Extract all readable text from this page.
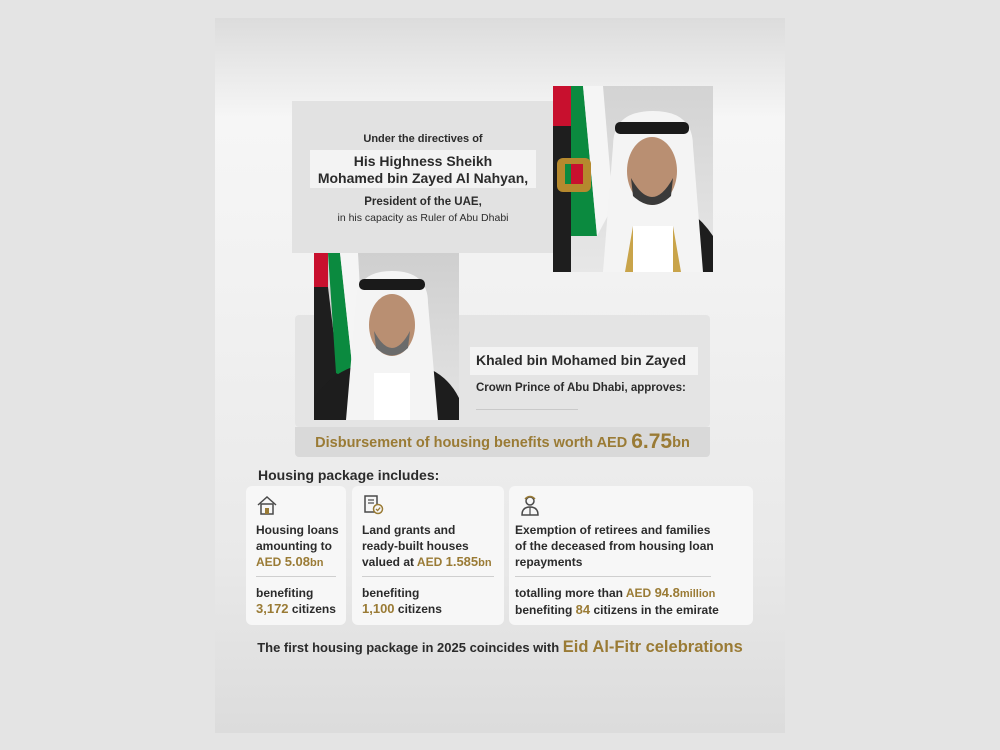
Under the directives of
His Highness Sheikh
Mohamed bin Zayed Al Nahyan,
President of the UAE,
in his capacity as Ruler of Abu Dhabi
Khaled bin Mohamed bin Zayed
Crown Prince of Abu Dhabi, approves:
Disbursement of housing benefits worth AED 6.75bn
Housing package includes:
Housing loans
amounting to
AED 5.08bn
benefiting
3,172 citizens
Land grants and
ready-built houses
valued at AED 1.585bn
benefiting
1,100 citizens
Exemption of retirees and families
of the deceased from housing loan
repayments
totalling more than AED 94.8million
benefiting 84 citizens in the emirate
The first housing package in 2025 coincides with Eid Al-Fitr celebrations
